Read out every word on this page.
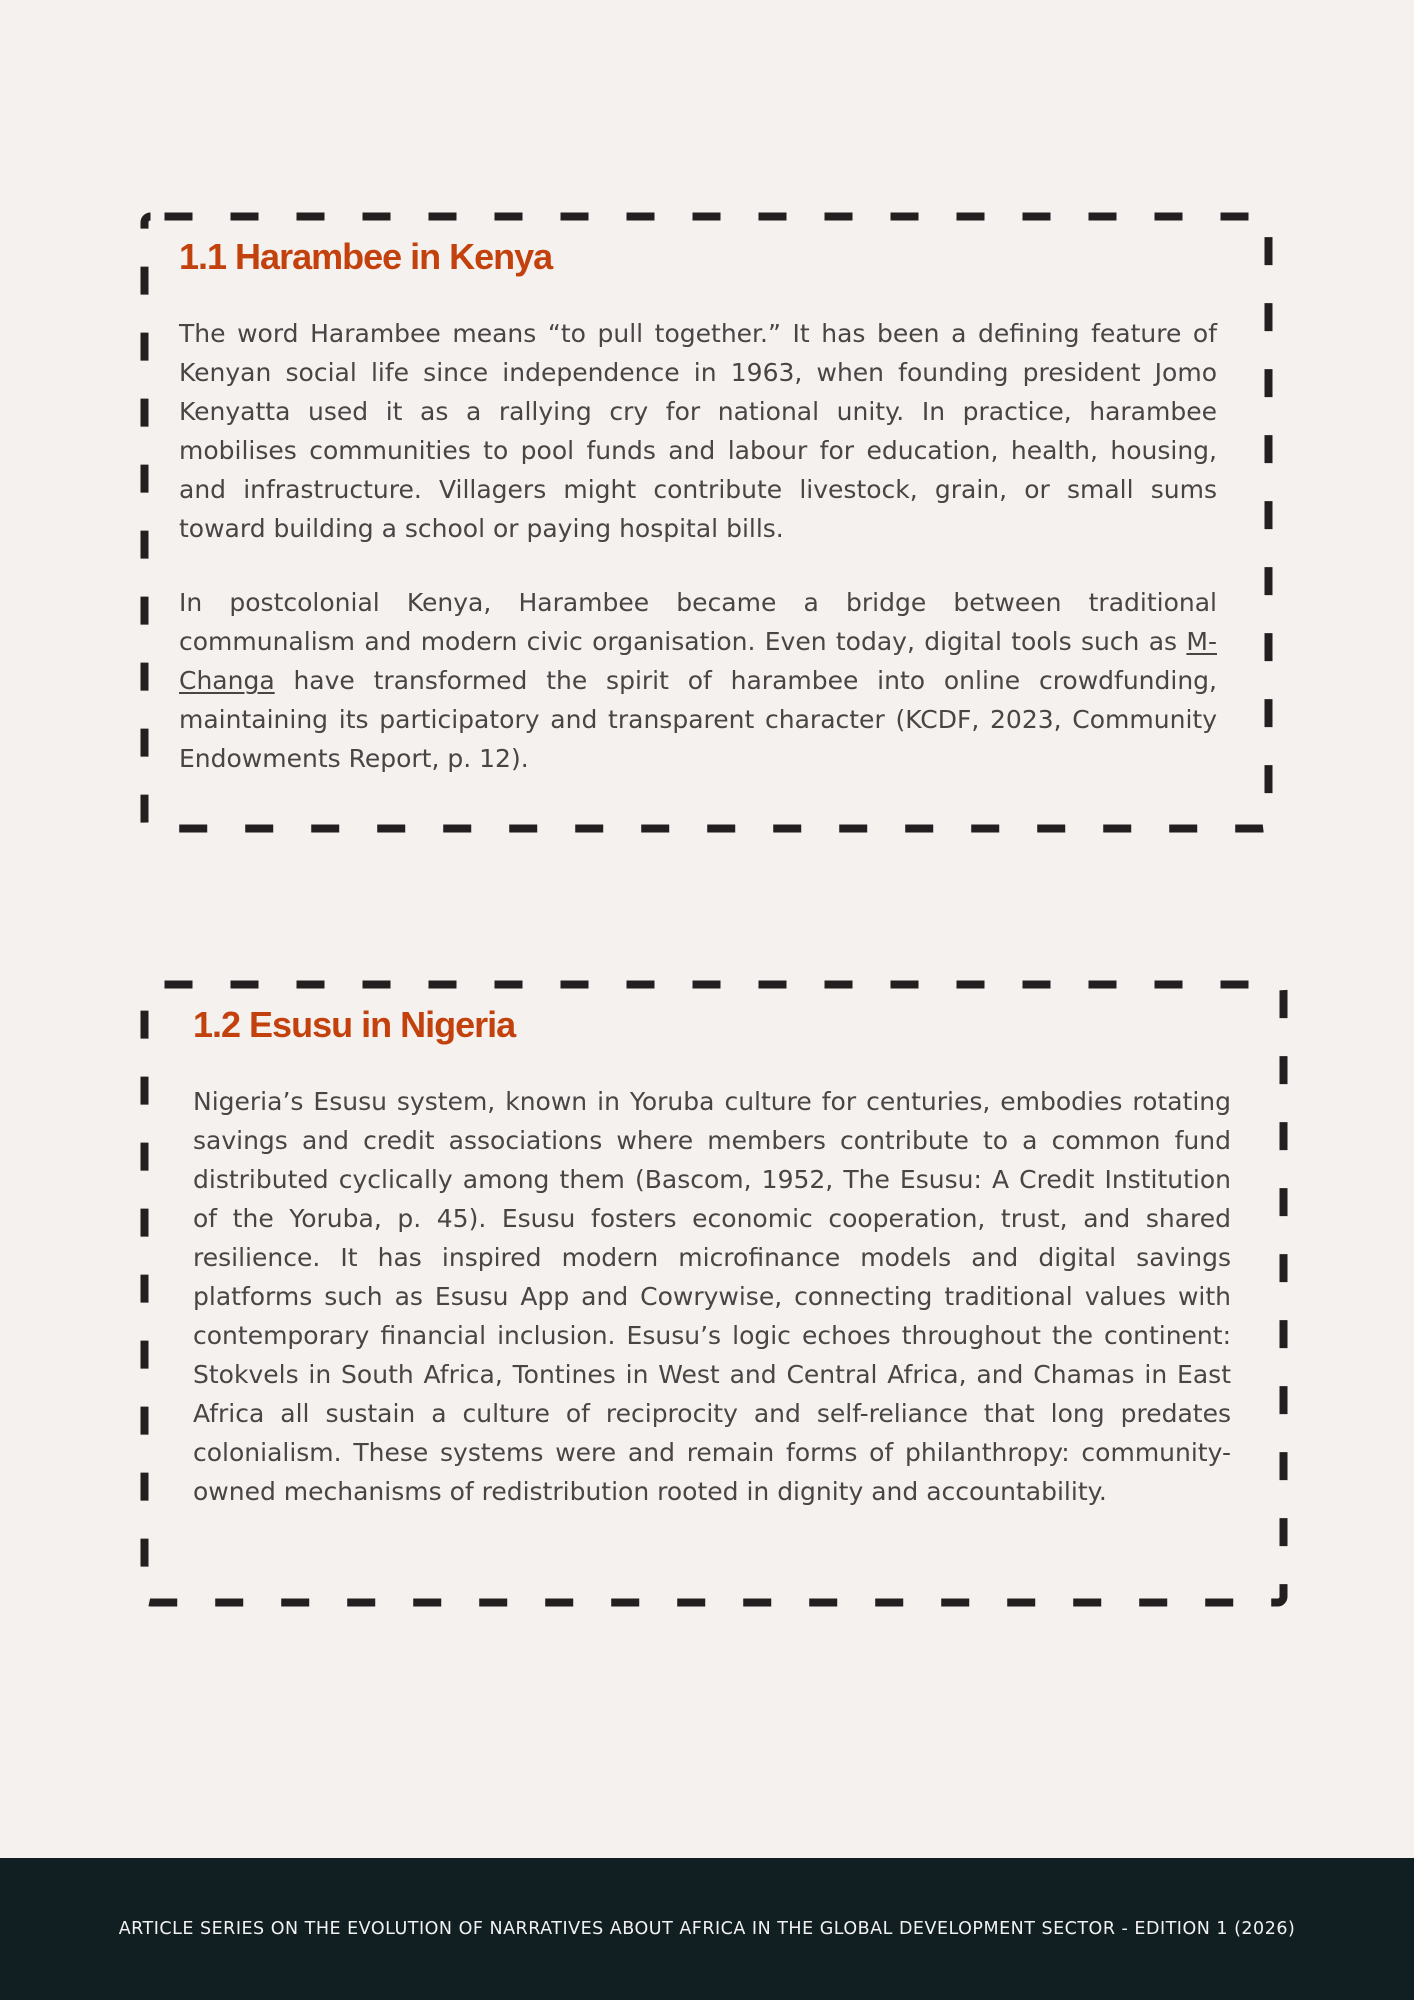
1.1 Harambee in Kenya

The word Harambee means “to pull together.” It has been a defining feature of Kenyan social life since independence in 1963, when founding president Jomo Kenyatta used it as a rallying cry for national unity. In practice, harambee mobilises communities to pool funds and labour for education, health, housing, and infrastructure. Villagers might contribute livestock, grain, or small sums toward building a school or paying hospital bills.

In postcolonial Kenya, Harambee became a bridge between traditional communalism and modern civic organisation. Even today, digital tools such as M-Changa have transformed the spirit of harambee into online crowdfunding, maintaining its participatory and transparent character (KCDF, 2023, Community Endowments Report, p. 12).

1.2 Esusu in Nigeria

Nigeria’s Esusu system, known in Yoruba culture for centuries, embodies rotating savings and credit associations where members contribute to a common fund distributed cyclically among them (Bascom, 1952, The Esusu: A Credit Institution of the Yoruba, p. 45). Esusu fosters economic cooperation, trust, and shared resilience. It has inspired modern microfinance models and digital savings platforms such as Esusu App and Cowrywise, connecting traditional values with contemporary financial inclusion. Esusu’s logic echoes throughout the continent: Stokvels in South Africa, Tontines in West and Central Africa, and Chamas in East Africa all sustain a culture of reciprocity and self-reliance that long predates colonialism. These systems were and remain forms of philanthropy: community-owned mechanisms of redistribution rooted in dignity and accountability.

ARTICLE SERIES ON THE EVOLUTION OF NARRATIVES ABOUT AFRICA IN THE GLOBAL DEVELOPMENT SECTOR - EDITION 1 (2026)
